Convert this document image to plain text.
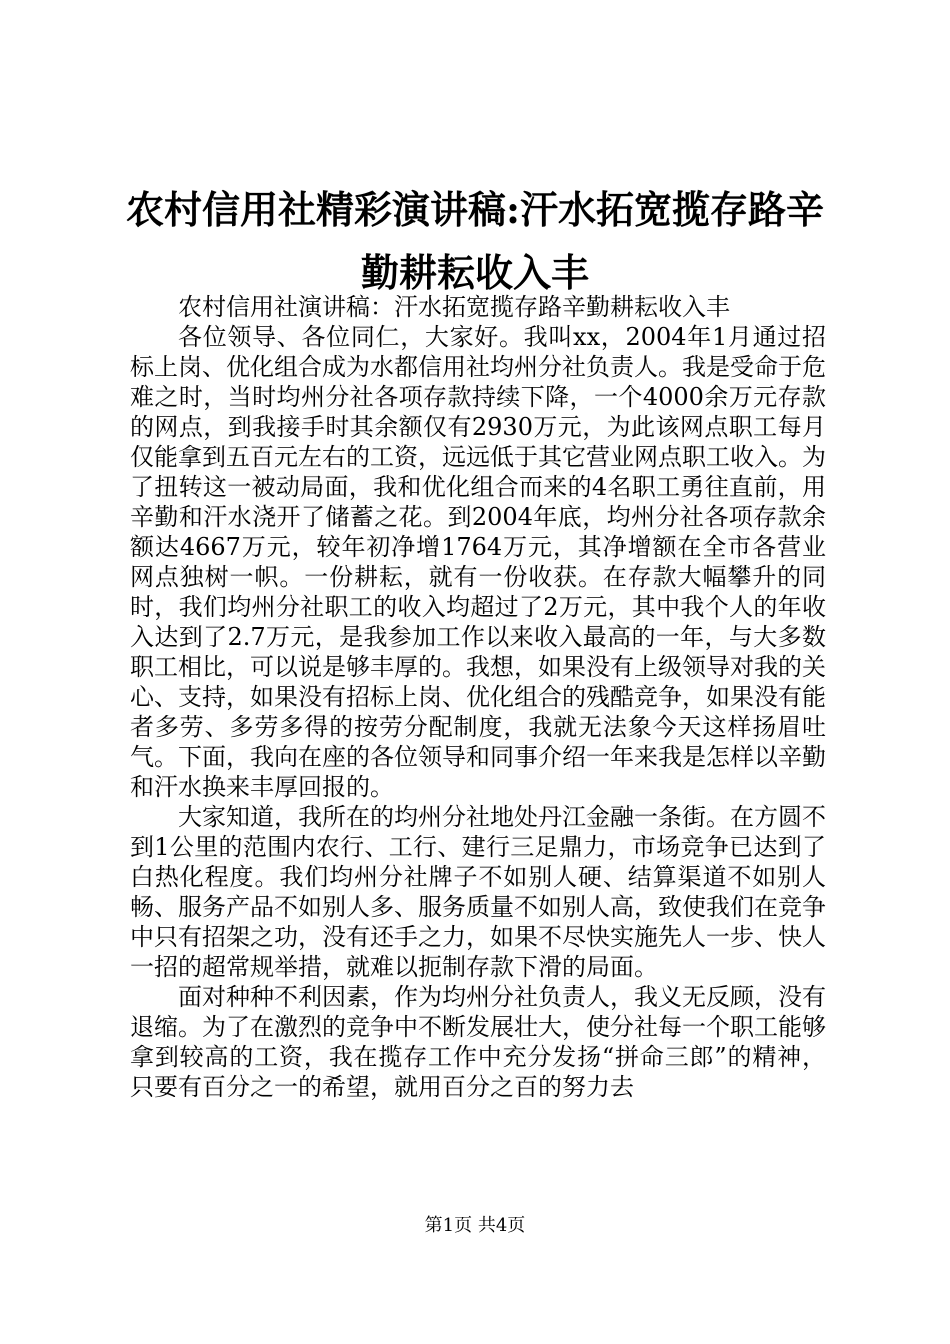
农村信用社精彩演讲稿:汗水拓宽揽存路辛勤耕耘收入丰

农村信用社演讲稿：汗水拓宽揽存路辛勤耕耘收入丰

各位领导、各位同仁，大家好。我叫xx，2004年1月通过招标上岗、优化组合成为水都信用社均州分社负责人。我是受命于危难之时，当时均州分社各项存款持续下降，一个4000余万元存款的网点，到我接手时其余额仅有2930万元，为此该网点职工每月仅能拿到五百元左右的工资，远远低于其它营业网点职工收入。为了扭转这一被动局面，我和优化组合而来的4名职工勇往直前，用辛勤和汗水浇开了储蓄之花。到2004年底，均州分社各项存款余额达4667万元，较年初净增1764万元，其净增额在全市各营业网点独树一帜。一份耕耘，就有一份收获。在存款大幅攀升的同时，我们均州分社职工的收入均超过了2万元，其中我个人的年收入达到了2.7万元，是我参加工作以来收入最高的一年，与大多数职工相比，可以说是够丰厚的。我想，如果没有上级领导对我的关心、支持，如果没有招标上岗、优化组合的残酷竞争，如果没有能者多劳、多劳多得的按劳分配制度，我就无法象今天这样扬眉吐气。下面，我向在座的各位领导和同事介绍一年来我是怎样以辛勤和汗水换来丰厚回报的。

大家知道，我所在的均州分社地处丹江金融一条街。在方圆不到1公里的范围内农行、工行、建行三足鼎力，市场竞争已达到了白热化程度。我们均州分社牌子不如别人硬、结算渠道不如别人畅、服务产品不如别人多、服务质量不如别人高，致使我们在竞争中只有招架之功，没有还手之力，如果不尽快实施先人一步、快人一招的超常规举措，就难以扼制存款下滑的局面。

面对种种不利因素，作为均州分社负责人，我义无反顾，没有退缩。为了在激烈的竞争中不断发展壮大，使分社每一个职工能够拿到较高的工资，我在揽存工作中充分发扬“拼命三郎”的精神，只要有百分之一的希望，就用百分之百的努力去

第1页 共4页
